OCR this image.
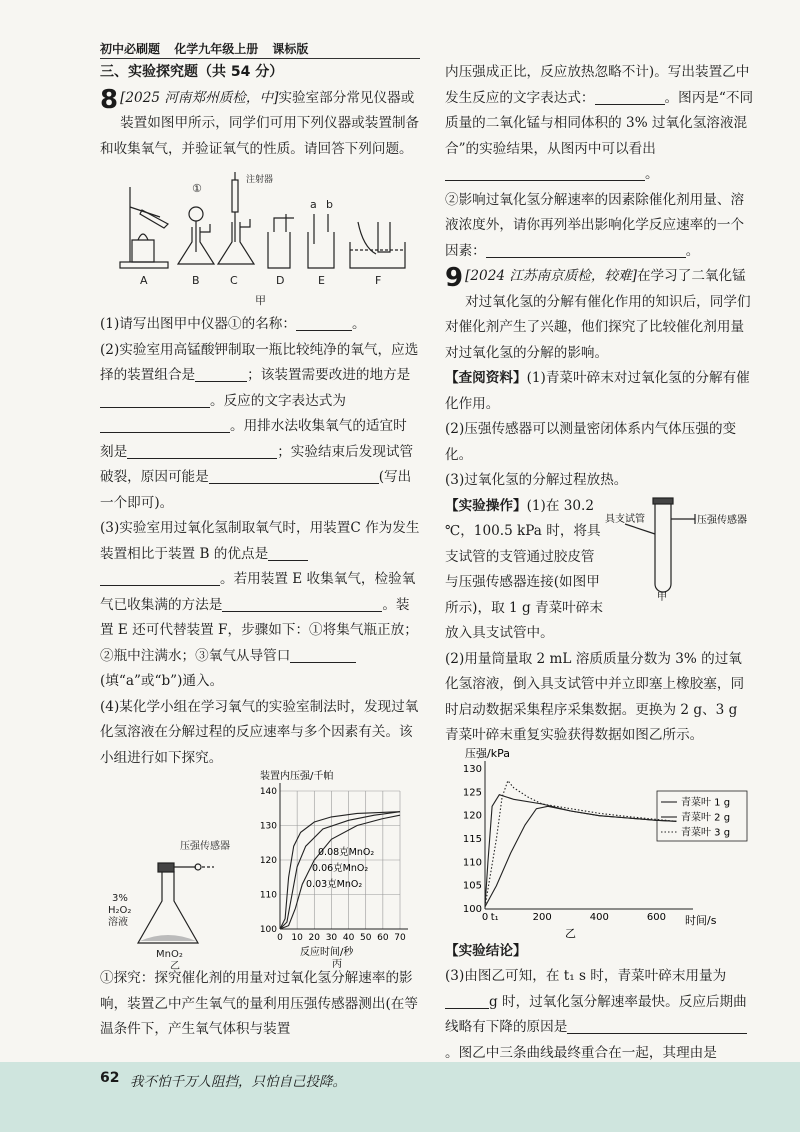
初中必刷题 化学九年级上册 课标版

三、实验探究题（共 54 分）

8 [2025 河南郑州质检，中]实验室部分常见仪器或装置如图甲所示，同学们可用下列仪器或装置制备和收集氧气，并验证氧气的性质。请回答下列问题。

A	B	C	D	E	F
①
注射器
a b
甲

(1)请写出图甲中仪器①的名称：	。

(2)实验室用高锰酸钾制取一瓶比较纯净的氧气，应选择的装置组合是	；该装置需要改进的地方是。反应的文字表达式为。用排水法收集氧气的适宜时刻是	；实验结束后发现试管破裂，原因可能是	(写出一个即可)。

(3)实验室用过氧化氢制取氧气时，用装置C 作为发生装置相比于装置 B 的优点是。若用装置 E 收集氧气，检验氧气已收集满的方法是	。装置 E 还可代替装置 F，步骤如下：①将集气瓶正放；②瓶中注满水；③氧气从导管口(填“a”或“b”)通入。

(4)某化学小组在学习氧气的实验室制法时，发现过氧化氢溶液在分解过程的反应速率与多个因素有关。该小组进行如下探究。

压强传感器
3%
H₂O₂
溶液
MnO₂
乙
0 10 20 30 40 50 60 70
100
110
120
130
140
装置内压强/千帕
反应时间/秒
丙
0.08克MnO₂
0.06克MnO₂
0.03克MnO₂

①探究：探究催化剂的用量对过氧化氢分解速率的影响，装置乙中产生氧气的量利用压强传感器测出(在等温条件下，产生氧气体积与装置

内压强成正比，反应放热忽略不计)。写出装置乙中发生反应的文字表达式：	。图丙是“不同质量的二氧化锰与相同体积的 3% 过氧化氢溶液混合”的实验结果，从图丙中可以看出。

②影响过氧化氢分解速率的因素除催化剂用量、溶液浓度外，请你再列举出影响化学反应速率的一个因素：	。

9 [2024 江苏南京质检，较难]在学习了二氧化锰对过氧化氢的分解有催化作用的知识后，同学们对催化剂产生了兴趣，他们探究了比较催化剂用量对过氧化氢的分解的影响。

【查阅资料】(1)青菜叶碎末对过氧化氢的分解有催化作用。

(2)压强传感器可以测量密闭体系内气体压强的变化。

(3)过氧化氢的分解过程放热。

具支试管	压强传感器
甲

【实验操作】(1)在 30.2 ℃，100.5 kPa 时，将具支试管的支管通过胶皮管与压强传感器连接(如图甲所示)，取 1 g 青菜叶碎末放入具支试管中。

(2)用量筒量取 2 mL 溶质质量分数为 3% 的过氧化氢溶液，倒入具支试管中并立即塞上橡胶塞，同时启动数据采集程序采集数据。更换为 2 g、3 g 青菜叶碎末重复实验获得数据如图乙所示。

0	200	400	600
100
105
110
115
120
125
130
t₁
压强/kPa
时间/s
乙
青菜叶 1 g
青菜叶 2 g
青菜叶 3 g

【实验结论】

(3)由图乙可知，在 t₁ s 时，青菜叶碎末用量为g 时，过氧化氢分解速率最快。反应后期曲线略有下降的原因是。图乙中三条曲线最终重合在一起，其理由是

62 我不怕千万人阻挡，只怕自己投降。
